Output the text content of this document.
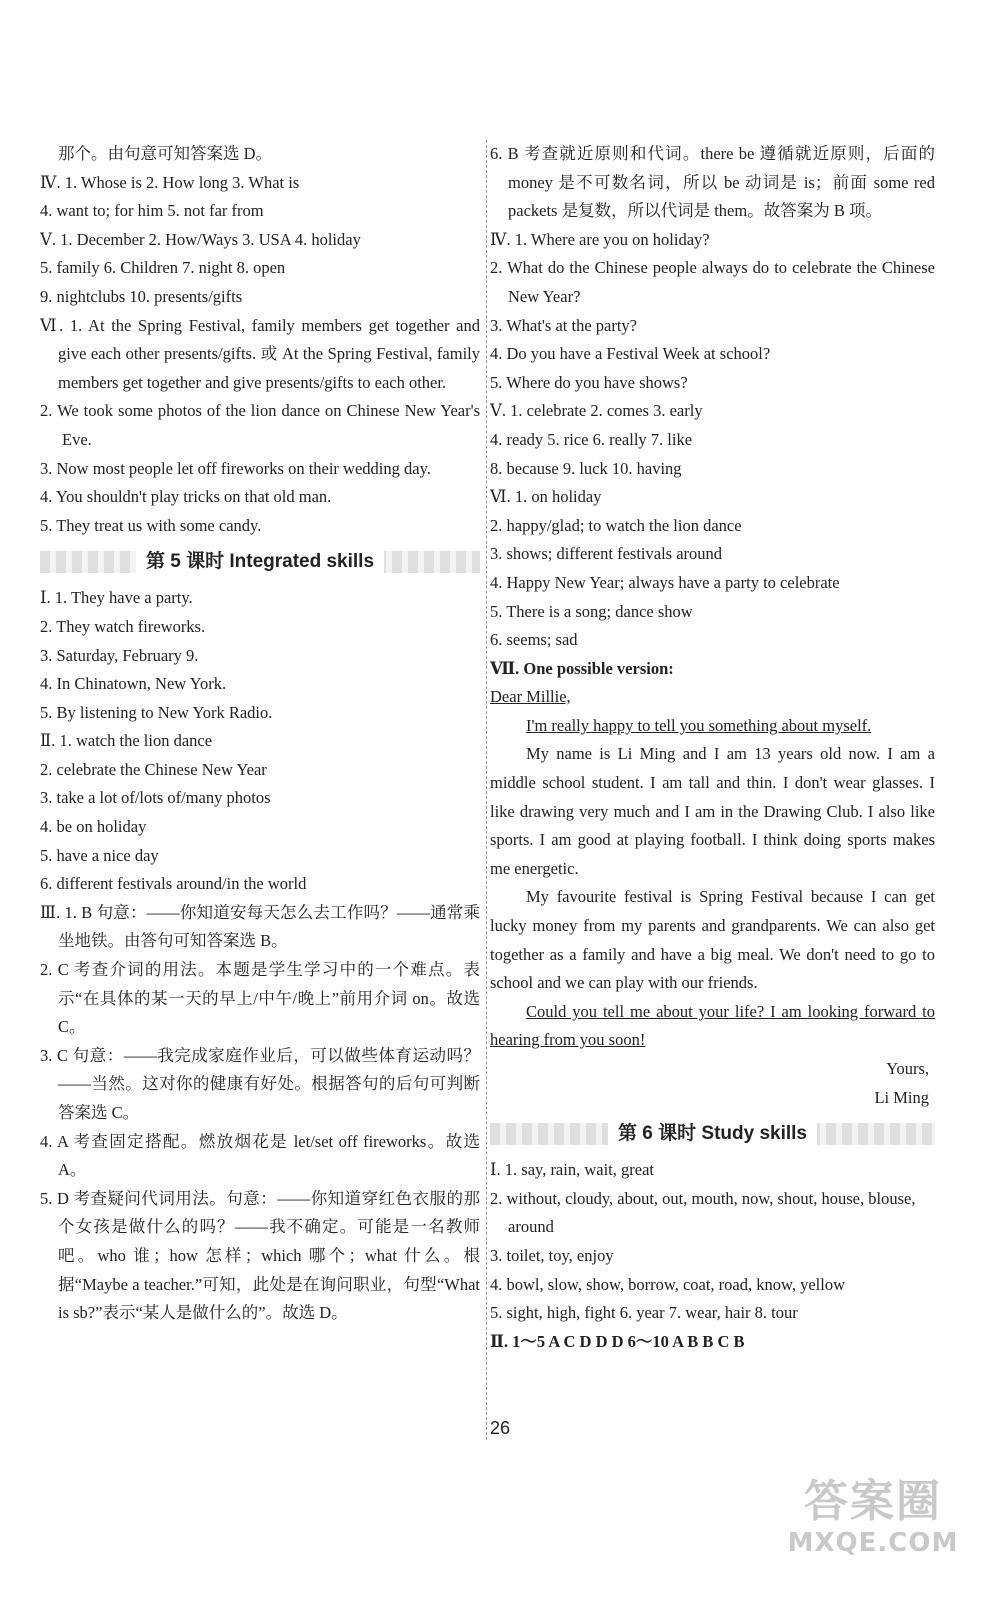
那个。由句意可知答案选 D。
Ⅳ. 1. Whose is 2. How long 3. What is
4. want to; for him 5. not far from
Ⅴ. 1. December 2. How/Ways 3. USA 4. holiday
5. family 6. Children 7. night 8. open
9. nightclubs 10. presents/gifts
Ⅵ. 1. At the Spring Festival, family members get together and give each other presents/gifts. 或 At the Spring Festival, family members get together and give presents/gifts to each other.
2. We took some photos of the lion dance on Chinese New Year's Eve.
3. Now most people let off fireworks on their wedding day.
4. You shouldn't play tricks on that old man.
5. They treat us with some candy.
第 5 课时 Integrated skills
Ⅰ. 1. They have a party.
2. They watch fireworks.
3. Saturday, February 9.
4. In Chinatown, New York.
5. By listening to New York Radio.
Ⅱ. 1. watch the lion dance
2. celebrate the Chinese New Year
3. take a lot of/lots of/many photos
4. be on holiday
5. have a nice day
6. different festivals around/in the world
Ⅲ. 1. B 句意：——你知道安每天怎么去工作吗？——通常乘坐地铁。由答句可知答案选 B。
2. C 考查介词的用法。本题是学生学习中的一个难点。表示“在具体的某一天的早上/中午/晚上”前用介词 on。故选 C。
3. C 句意：——我完成家庭作业后，可以做些体育运动吗？——当然。这对你的健康有好处。根据答句的后句可判断答案选 C。
4. A 考查固定搭配。燃放烟花是 let/set off fireworks。故选 A。
5. D 考查疑问代词用法。句意：——你知道穿红色衣服的那个女孩是做什么的吗？——我不确定。可能是一名教师吧。who 谁；how 怎样；which 哪个；what 什么。根据“Maybe a teacher.”可知，此处是在询问职业，句型“What is sb?”表示“某人是做什么的”。故选 D。
6. B 考查就近原则和代词。there be 遵循就近原则，后面的 money 是不可数名词，所以 be 动词是 is；前面 some red packets 是复数，所以代词是 them。故答案为 B 项。
Ⅳ. 1. Where are you on holiday?
2. What do the Chinese people always do to celebrate the Chinese New Year?
3. What's at the party?
4. Do you have a Festival Week at school?
5. Where do you have shows?
Ⅴ. 1. celebrate 2. comes 3. early
4. ready 5. rice 6. really 7. like
8. because 9. luck 10. having
Ⅵ. 1. on holiday
2. happy/glad; to watch the lion dance
3. shows; different festivals around
4. Happy New Year; always have a party to celebrate
5. There is a song; dance show
6. seems; sad
Ⅶ. One possible version:
Dear Millie,
I'm really happy to tell you something about myself.
My name is Li Ming and I am 13 years old now. I am a middle school student. I am tall and thin. I don't wear glasses. I like drawing very much and I am in the Drawing Club. I also like sports. I am good at playing football. I think doing sports makes me energetic.
My favourite festival is Spring Festival because I can get lucky money from my parents and grandparents. We can also get together as a family and have a big meal. We don't need to go to school and we can play with our friends.
Could you tell me about your life? I am looking forward to hearing from you soon!
Yours,
Li Ming
第 6 课时 Study skills
Ⅰ. 1. say, rain, wait, great
2. without, cloudy, about, out, mouth, now, shout, house, blouse, around
3. toilet, toy, enjoy
4. bowl, slow, show, borrow, coat, road, know, yellow
5. sight, high, fight 6. year 7. wear, hair 8. tour
Ⅱ. 1～5 A C D D D 6～10 A B B C B
26
答案圈
MXQE.COM
